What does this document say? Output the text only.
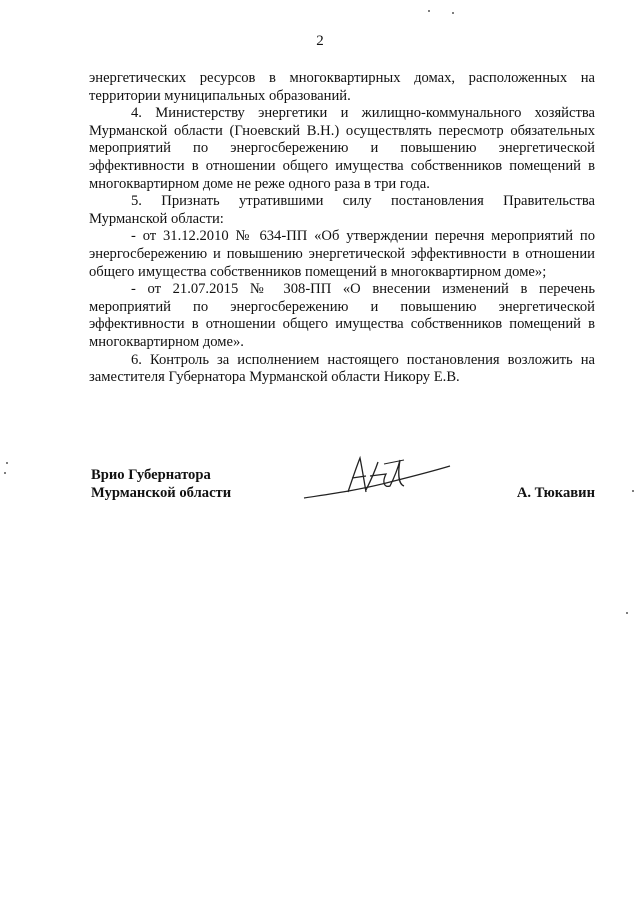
2

энергетических ресурсов в многоквартирных домах, расположенных на территории муниципальных образований.

4. Министерству энергетики и жилищно-коммунального хозяйства Мурманской области (Гноевский В.Н.) осуществлять пересмотр обязательных мероприятий по энергосбережению и повышению энергетической эффективности в отношении общего имущества собственников помещений в многоквартирном доме не реже одного раза в три года.

5. Признать утратившими силу постановления Правительства Мурманской области:

- от 31.12.2010 № 634-ПП «Об утверждении перечня мероприятий по энергосбережению и повышению энергетической эффективности в отношении общего имущества собственников помещений в многоквартирном доме»;

- от 21.07.2015 № 308-ПП «О внесении изменений в перечень мероприятий по энергосбережению и повышению энергетической эффективности в отношении общего имущества собственников помещений в многоквартирном доме».

6. Контроль за исполнением настоящего постановления возложить на заместителя Губернатора Мурманской области Никору Е.В.

Врио Губернатора
Мурманской области	А. Тюкавин
